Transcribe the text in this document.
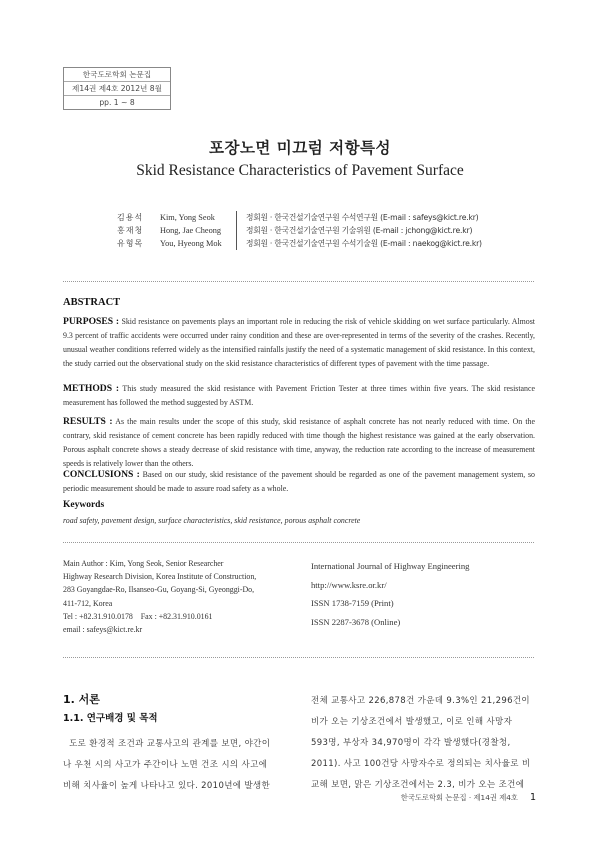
한국도로학회 논문집
제14권 제4호 2012년 8월
pp. 1 ~ 8
포장노면 미끄럼 저항특성
Skid Resistance Characteristics of Pavement Surface
김용석	Kim, Yong Seok	정회원 · 한국건설기술연구원 수석연구원 (E-mail : safeys@kict.re.kr)
홍재청	Hong, Jae Cheong	정회원 · 한국건설기술연구원 기술위원 (E-mail : jchong@kict.re.kr)
유형목	You, Hyeong Mok	정회원 · 한국건설기술연구원 수석기술원 (E-mail : naekog@kict.re.kr)
ABSTRACT
PURPOSES : Skid resistance on pavements plays an important role in reducing the risk of vehicle skidding on wet surface particularly. Almost 9.3 percent of traffic accidents were occurred under rainy condition and these are over-represented in terms of the severity of the crashes. Recently, unusual weather conditions referred widely as the intensified rainfalls justify the need of a systematic management of skid resistance. In this context, the study carried out the observational study on the skid resistance characteristics of different types of pavement with the time passage.
METHODS : This study measured the skid resistance with Pavement Friction Tester at three times within five years. The skid resistance measurement has followed the method suggested by ASTM.
RESULTS : As the main results under the scope of this study, skid resistance of asphalt concrete has not nearly reduced with time. On the contrary, skid resistance of cement concrete has been rapidly reduced with time though the highest resistance was gained at the early observation. Porous asphalt concrete shows a steady decrease of skid resistance with time, anyway, the reduction rate according to the increase of measurement speeds is relatively lower than the others.
CONCLUSIONS : Based on our study, skid resistance of the pavement should be regarded as one of the pavement management system, so periodic measurement should be made to assure road safety as a whole.
Keywords
road safety, pavement design, surface characteristics, skid resistance, porous asphalt concrete
Main Author : Kim, Yong Seok, Senior Researcher
Highway Research Division, Korea Institute of Construction,
283 Goyangdae-Ro, Ilsanseo-Gu, Goyang-Si, Gyeonggi-Do,
411-712, Korea
Tel : +82.31.910.0178    Fax : +82.31.910.0161
email : safeys@kict.re.kr
International Journal of Highway Engineering
http://www.ksre.or.kr/
ISSN 1738-7159 (Print)
ISSN 2287-3678 (Online)
1. 서론
1.1. 연구배경 및 목적
도로 환경적 조건과 교통사고의 관계를 보면, 야간이
나 우천 시의 사고가 주간이나 노면 건조 시의 사고에
비해 치사율이 높게 나타나고 있다. 2010년에 발생한
전체 교통사고 226,878건 가운데 9.3%인 21,296건이
비가 오는 기상조건에서 발생했고, 이로 인해 사망자
593명, 부상자 34,970명이 각각 발생했다(경찰청,
2011). 사고 100건당 사망자수로 정의되는 치사율로 비
교해 보면, 맑은 기상조건에서는 2.3, 비가 오는 조건에
한국도로학회 논문집 · 제14권 제4호 1
